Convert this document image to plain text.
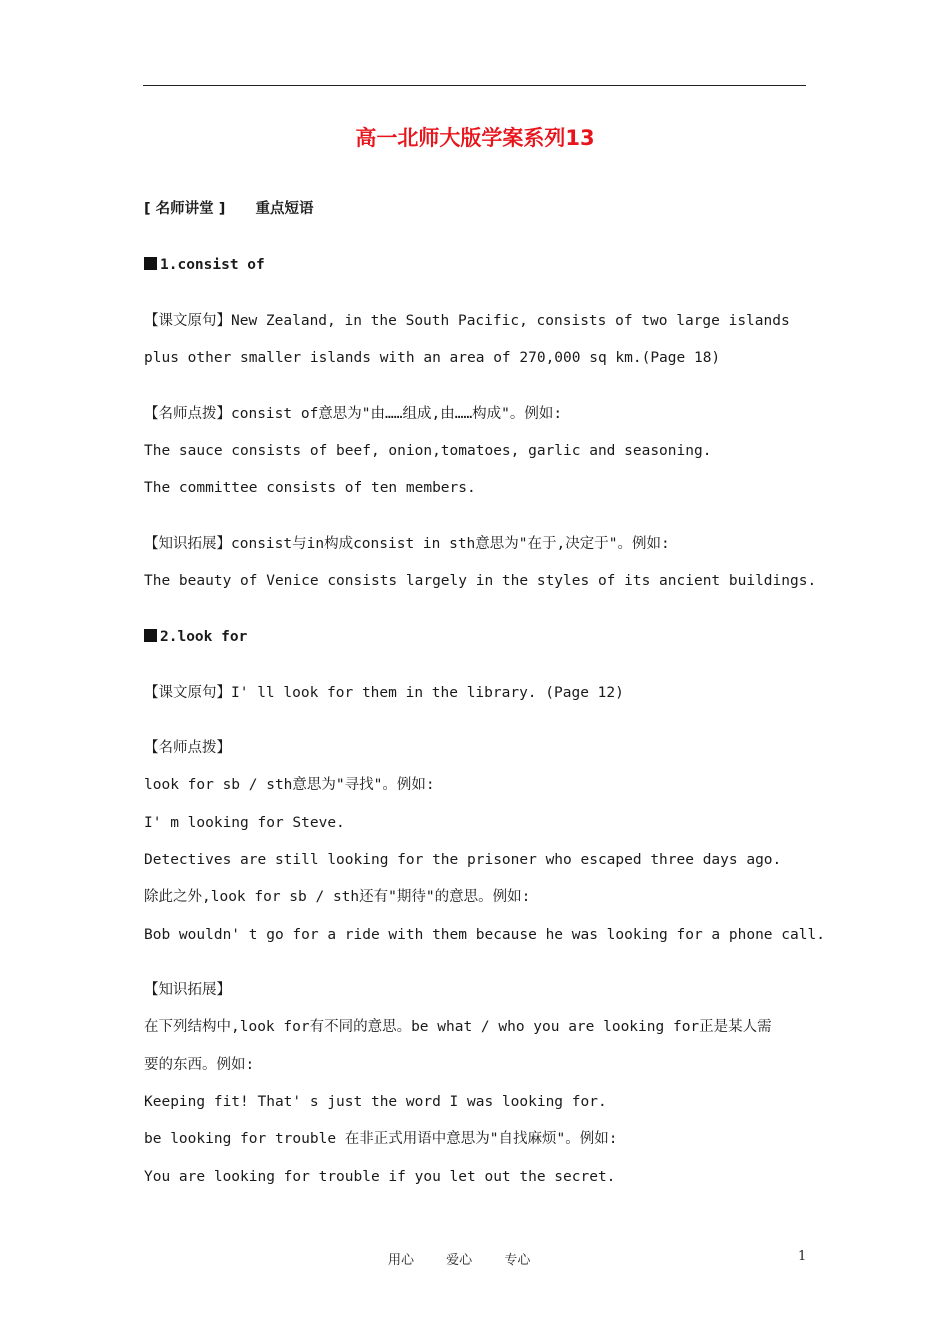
高一北师大版学案系列13
[ 名师讲堂 ] 重点短语
1.consist of
【课文原句】New Zealand, in the South Pacific, consists of two large islands
plus other smaller islands with an area of 270,000 sq km.(Page 18)
【名师点拨】consist of意思为"由……组成,由……构成"。例如:
The sauce consists of beef, onion,tomatoes, garlic and seasoning.
The committee consists of ten members.
【知识拓展】consist与in构成consist in sth意思为"在于,决定于"。例如:
The beauty of Venice consists largely in the styles of its ancient buildings.
2.look for
【课文原句】I' ll look for them in the library. (Page 12)
【名师点拨】
look for sb / sth意思为"寻找"。例如:
I' m looking for Steve.
Detectives are still looking for the prisoner who escaped three days ago.
除此之外,look for sb / sth还有"期待"的意思。例如:
Bob wouldn' t go for a ride with them because he was looking for a phone call.
【知识拓展】
在下列结构中,look for有不同的意思。be what / who you are looking for正是某人需
要的东西。例如:
Keeping fit! That' s just the word I was looking for.
be looking for trouble 在非正式用语中意思为"自找麻烦"。例如:
You are looking for trouble if you let out the secret.
用心 爱心 专心	1
